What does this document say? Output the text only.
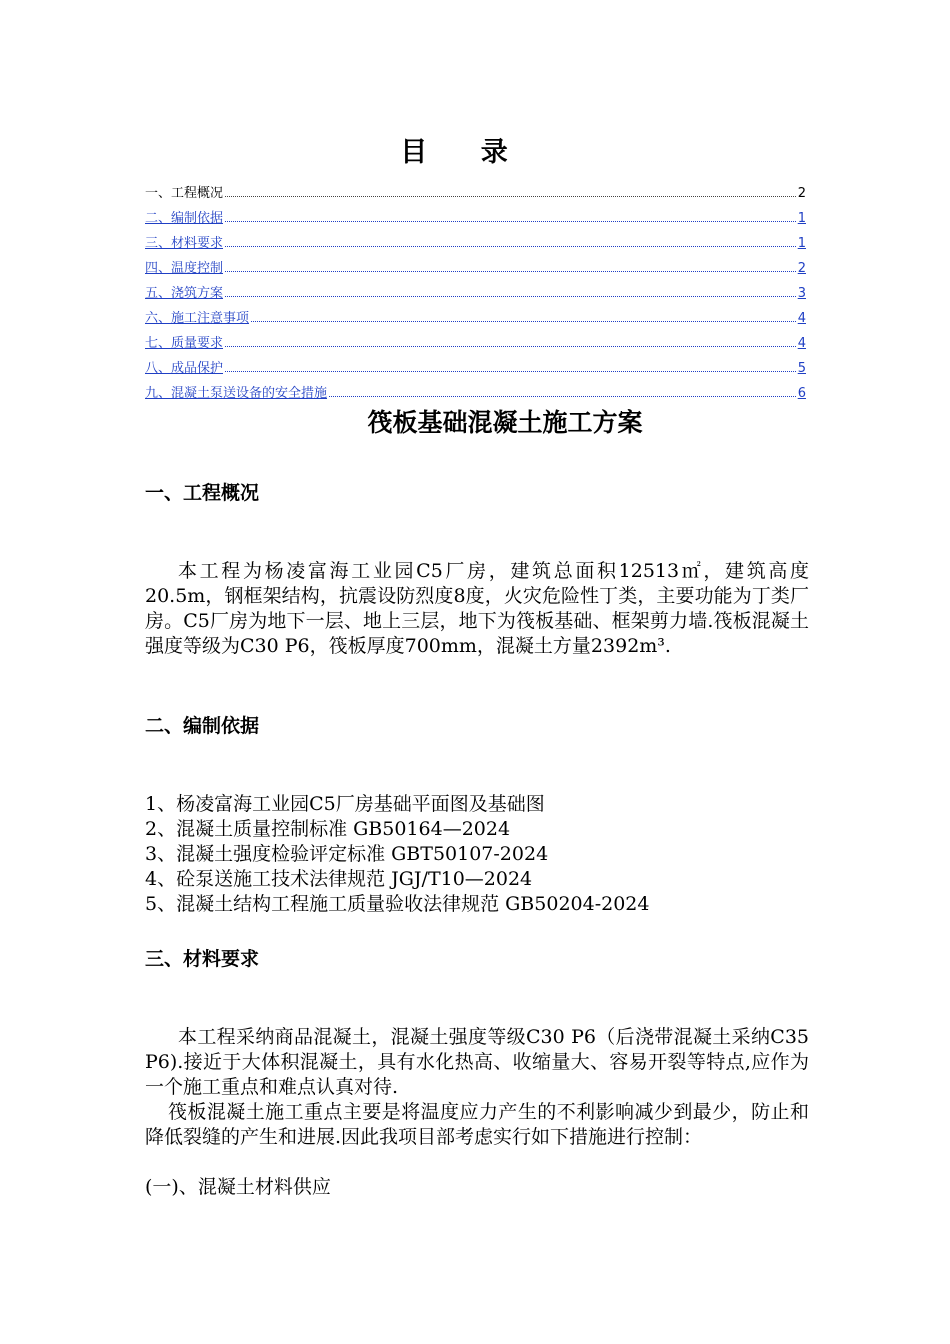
目 录
一、工程概况	2
二、编制依据	1
三、材料要求	1
四、温度控制	2
五、浇筑方案	3
六、施工注意事项	4
七、质量要求	4
八、成品保护	5
九、混凝土泵送设备的安全措施	6
筏板基础混凝土施工方案
一、工程概况
本工程为杨凌富海工业园C5厂房，建筑总面积12513㎡，建筑高度20.5m，钢框架结构，抗震设防烈度8度，火灾危险性丁类，主要功能为丁类厂房。C5厂房为地下一层、地上三层，地下为筏板基础、框架剪力墙.筏板混凝土强度等级为C30 P6，筏板厚度700mm，混凝土方量2392m³.
二、编制依据
1、杨凌富海工业园C5厂房基础平面图及基础图
2、混凝土质量控制标准 GB50164—2024
3、混凝土强度检验评定标准 GBT50107-2024
4、砼泵送施工技术法律规范 JGJ/T10—2024
5、混凝土结构工程施工质量验收法律规范 GB50204-2024
三、材料要求
本工程采纳商品混凝土，混凝土强度等级C30 P6（后浇带混凝土采纳C35 P6).接近于大体积混凝土，具有水化热高、收缩量大、容易开裂等特点,应作为一个施工重点和难点认真对待.
筏板混凝土施工重点主要是将温度应力产生的不利影响减少到最少，防止和降低裂缝的产生和进展.因此我项目部考虑实行如下措施进行控制：
(一)、混凝土材料供应
